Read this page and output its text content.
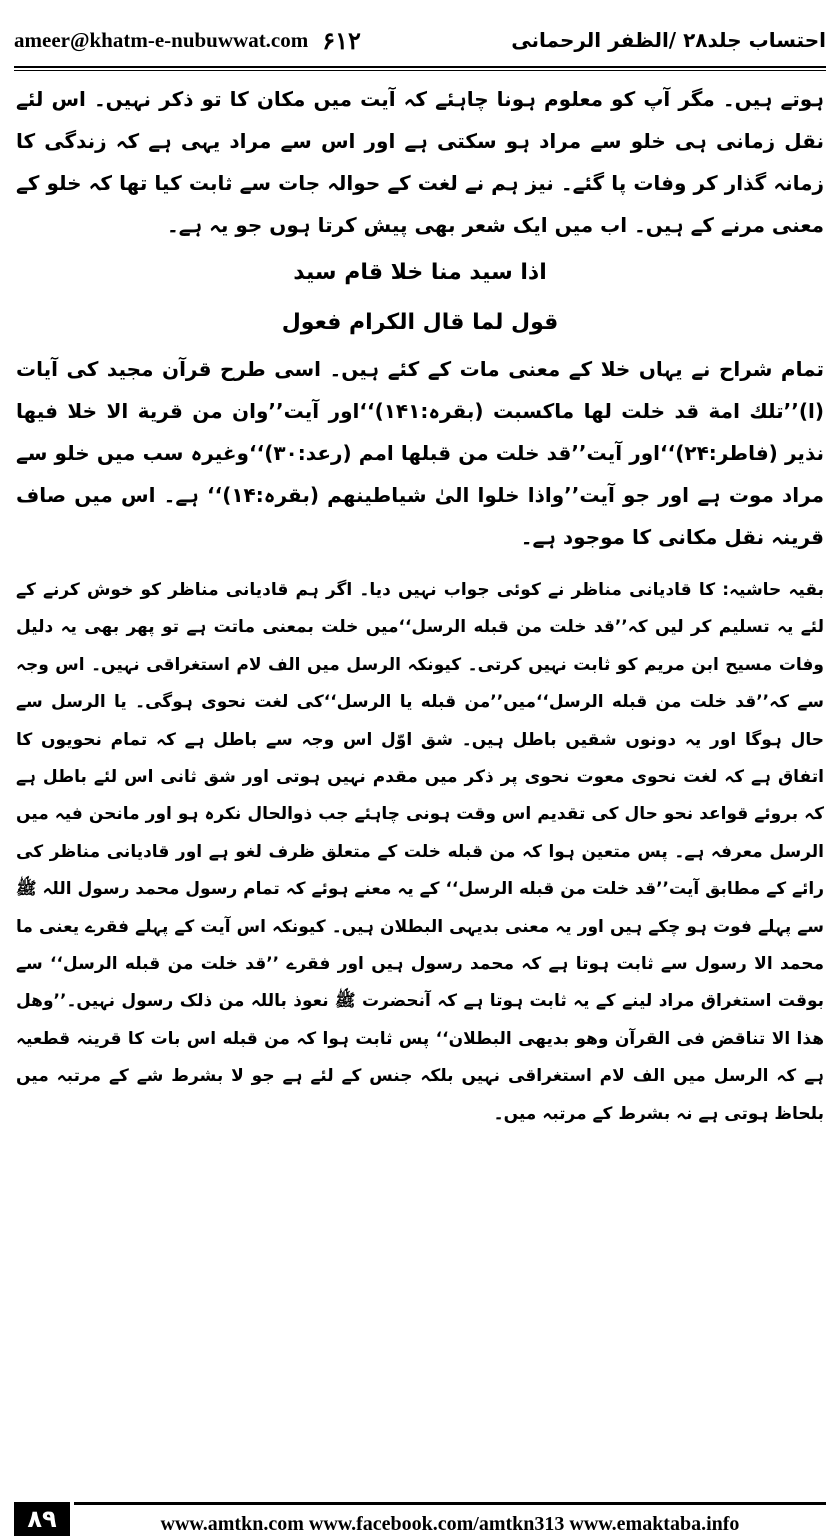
ameer@khatm-e-nubuwwat.com ۶۱۲	احتساب جلد۲۸ /الظفر الرحمانی

ہوتے ہیں۔ مگر آپ کو معلوم ہونا چاہئے کہ آیت میں مکان کا تو ذکر نہیں۔ اس لئے نقل زمانی ہی خلو سے مراد ہو سکتی ہے اور اس سے مراد یہی ہے کہ زندگی کا زمانہ گذار کر وفات پا گئے۔ نیز ہم نے لغت کے حوالہ جات سے ثابت کیا تھا کہ خلو کے معنی مرنے کے ہیں۔ اب میں ایک شعر بھی پیش کرتا ہوں جو یہ ہے۔

اذا سید منا خلا قام سید

قول لما قال الکرام فعول

تمام شراح نے یہاں خلا کے معنی مات کے کئے ہیں۔ اسی طرح قرآن مجید کی آیات (ا)’’تلك امة قد خلت لها ماکسبت (بقرہ:۱۴۱)‘‘اور آیت’’وان من قریة الا خلا فیها نذیر (فاطر:۲۴)‘‘اور آیت’’قد خلت من قبلها امم (رعد:۳۰)‘‘وغیرہ سب میں خلو سے مراد موت ہے اور جو آیت’’واذا خلوا الیٰ شیاطینهم (بقرہ:۱۴)‘‘ ہے۔ اس میں صاف قرینہ نقل مکانی کا موجود ہے۔

بقیہ حاشیہ: کا قادیانی مناظر نے کوئی جواب نہیں دیا۔ اگر ہم قادیانی مناظر کو خوش کرنے کے لئے یہ تسلیم کر لیں کہ’’قد خلت من قبله الرسل‘‘میں خلت بمعنی ماتت ہے تو پھر بھی یہ دلیل وفات مسیح ابن مریم کو ثابت نہیں کرتی۔ کیونکہ الرسل میں الف لام استغراقی نہیں۔ اس وجہ سے کہ’’قد خلت من قبله الرسل‘‘میں’’من قبله یا الرسل‘‘کی لغت نحوی ہوگی۔ یا الرسل سے حال ہوگا اور یہ دونوں شقیں باطل ہیں۔ شق اوّل اس وجہ سے باطل ہے کہ تمام نحویوں کا اتفاق ہے کہ لغت نحوی معوت نحوی پر ذکر میں مقدم نہیں ہوتی اور شق ثانی اس لئے باطل ہے کہ بروئے قواعد نحو حال کی تقدیم اس وقت ہونی چاہئے جب ذوالحال نکرہ ہو اور مانحن فیہ میں الرسل معرفہ ہے۔ پس متعین ہوا کہ من قبله خلت کے متعلق ظرف لغو ہے اور قادیانی مناظر کی رائے کے مطابق آیت’’قد خلت من قبله الرسل‘‘ کے یہ معنے ہوئے کہ تمام رسول محمد رسول اللہ ﷺ سے پہلے فوت ہو چکے ہیں اور یہ معنی بدیہی البطلان ہیں۔ کیونکہ اس آیت کے پہلے فقرے یعنی ما محمد الا رسول سے ثابت ہوتا ہے کہ محمد رسول ہیں اور فقرے ’’قد خلت من قبله الرسل‘‘ سے بوقت استغراق مراد لینے کے یہ ثابت ہوتا ہے کہ آنحضرت ﷺ نعوذ باللہ من ذلک رسول نہیں۔’’وهل هذا الا تناقض فی القرآن وهو بدیهی البطلان‘‘ پس ثابت ہوا کہ من قبله اس بات کا قرینہ قطعیہ ہے کہ الرسل میں الف لام استغراقی نہیں بلکہ جنس کے لئے ہے جو لا بشرط شے کے مرتبہ میں بلحاظ ہوتی ہے نہ بشرط کے مرتبہ میں۔

۸۹	www.amtkn.com www.facebook.com/amtkn313 www.emaktaba.info
